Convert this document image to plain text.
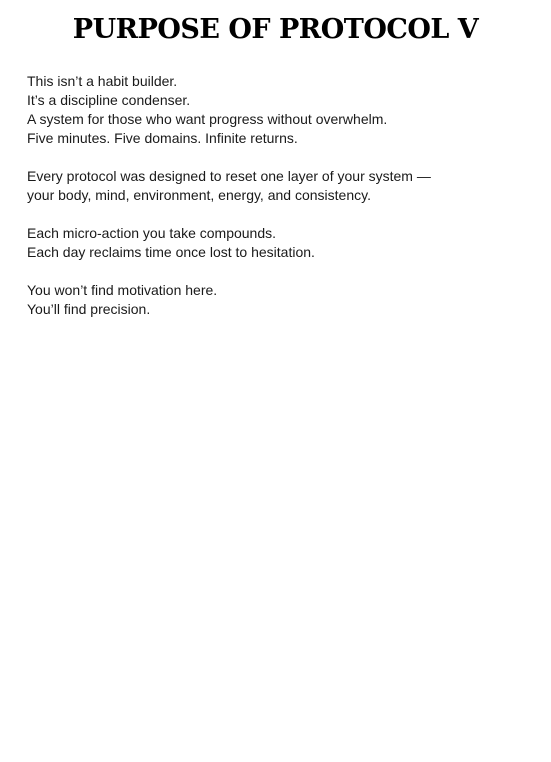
PURPOSE OF PROTOCOL V

This isn’t a habit builder.
It’s a discipline condenser.
A system for those who want progress without overwhelm.
Five minutes. Five domains. Infinite returns.

Every protocol was designed to reset one layer of your system —
your body, mind, environment, energy, and consistency.

Each micro-action you take compounds.
Each day reclaims time once lost to hesitation.

You won’t find motivation here.
You’ll find precision.
